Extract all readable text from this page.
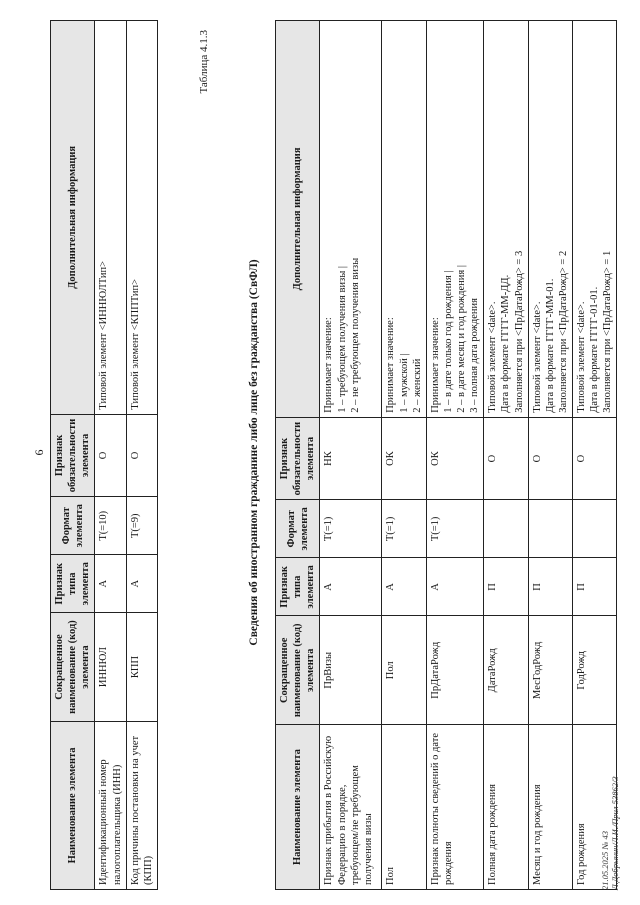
6
Наименование элемента	Сокращенное наименование (код) элемента	Признак типа элемента	Формат элемента	Признак обязательности элемента	Дополнительная информация
Идентификационный номер налогоплательщика (ИНН)	ИННЮЛ	А	T(=10)	О	Типовой элемент <ИННЮЛТип>

Код причины постановки на учет (КПП)	КПП	А	T(=9)	О	Типовой элемент <КППТип>
Таблица 4.1.3
Сведения об иностранном гражданине либо лице без гражданства (СвФЛ)
Наименование элемента	Сокращенное наименование (код) элемента	Признак типа элемента	Формат элемента	Признак обязательности элемента	Дополнительная информация
Признак прибытия в Российскую Федерацию в порядке, требующем/не требующем получения визы	ПрВизы	А	T(=1)	НК	Принимает значение: 1 – требующем получения визы | 2 – не требующем получения визы

Пол	Пол	А	T(=1)	ОК	Принимает значение: 1 – мужской | 2 – женский

Признак полноты сведений о дате рождения	ПрДатаРожд	А	T(=1)	ОК	Принимает значение: 1 – в дате только год рождения | 2 – в дате месяц и год рождения | 3 – полная дата рождения

Полная дата рождения	ДатаРожд	П		О	Типовой элемент <date>. Дата в формате ГГГГ-ММ-ДД. Заполняется при <ПрДатаРожд> = 3

Месяц и год рождения	МесГодРожд	П		О	Типовой элемент <date>. Дата в формате ГГГГ-ММ-01. Заполняется при <ПрДатаРожд> = 2

Год рождения	ГодРожд	П		О	Типовой элемент <date>. Дата в формате ГГГГ-01-01. Заполняется при <ПрДатаРожд> = 1
21.05.2025 № 43 Л.Добрынин/Л.И./Прил 53862/3
